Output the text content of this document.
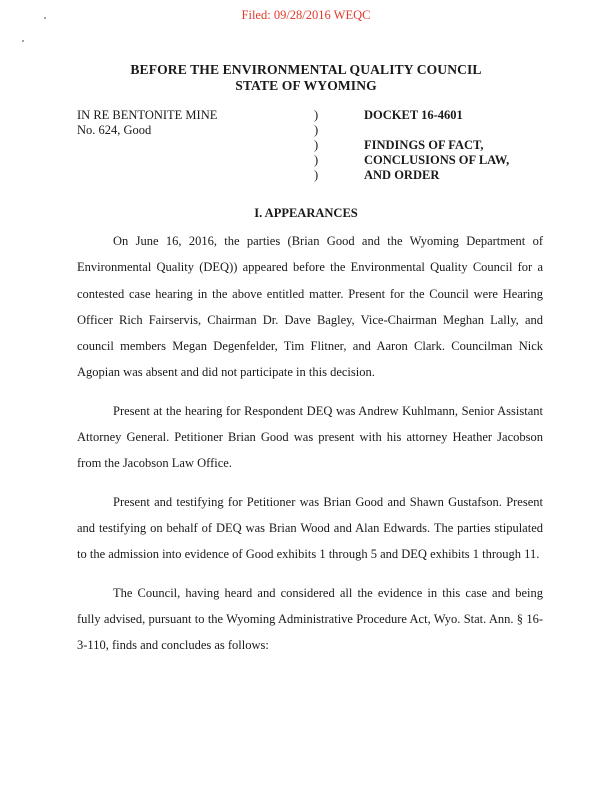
Filed: 09/28/2016 WEQC
BEFORE THE ENVIRONMENTAL QUALITY COUNCIL
STATE OF WYOMING
IN RE BENTONITE MINE
No. 624, Good
)
)
)
)
)
DOCKET 16-4601
FINDINGS OF FACT,
CONCLUSIONS OF LAW,
AND ORDER
I. APPEARANCES

On June 16, 2016, the parties (Brian Good and the Wyoming Department of Environmental Quality (DEQ)) appeared before the Environmental Quality Council for a contested case hearing in the above entitled matter. Present for the Council were Hearing Officer Rich Fairservis, Chairman Dr. Dave Bagley, Vice-Chairman Meghan Lally, and council members Megan Degenfelder, Tim Flitner, and Aaron Clark. Councilman Nick Agopian was absent and did not participate in this decision.

Present at the hearing for Respondent DEQ was Andrew Kuhlmann, Senior Assistant Attorney General. Petitioner Brian Good was present with his attorney Heather Jacobson from the Jacobson Law Office.

Present and testifying for Petitioner was Brian Good and Shawn Gustafson. Present and testifying on behalf of DEQ was Brian Wood and Alan Edwards. The parties stipulated to the admission into evidence of Good exhibits 1 through 5 and DEQ exhibits 1 through 11.

The Council, having heard and considered all the evidence in this case and being fully advised, pursuant to the Wyoming Administrative Procedure Act, Wyo. Stat. Ann. § 16-3-110, finds and concludes as follows:
